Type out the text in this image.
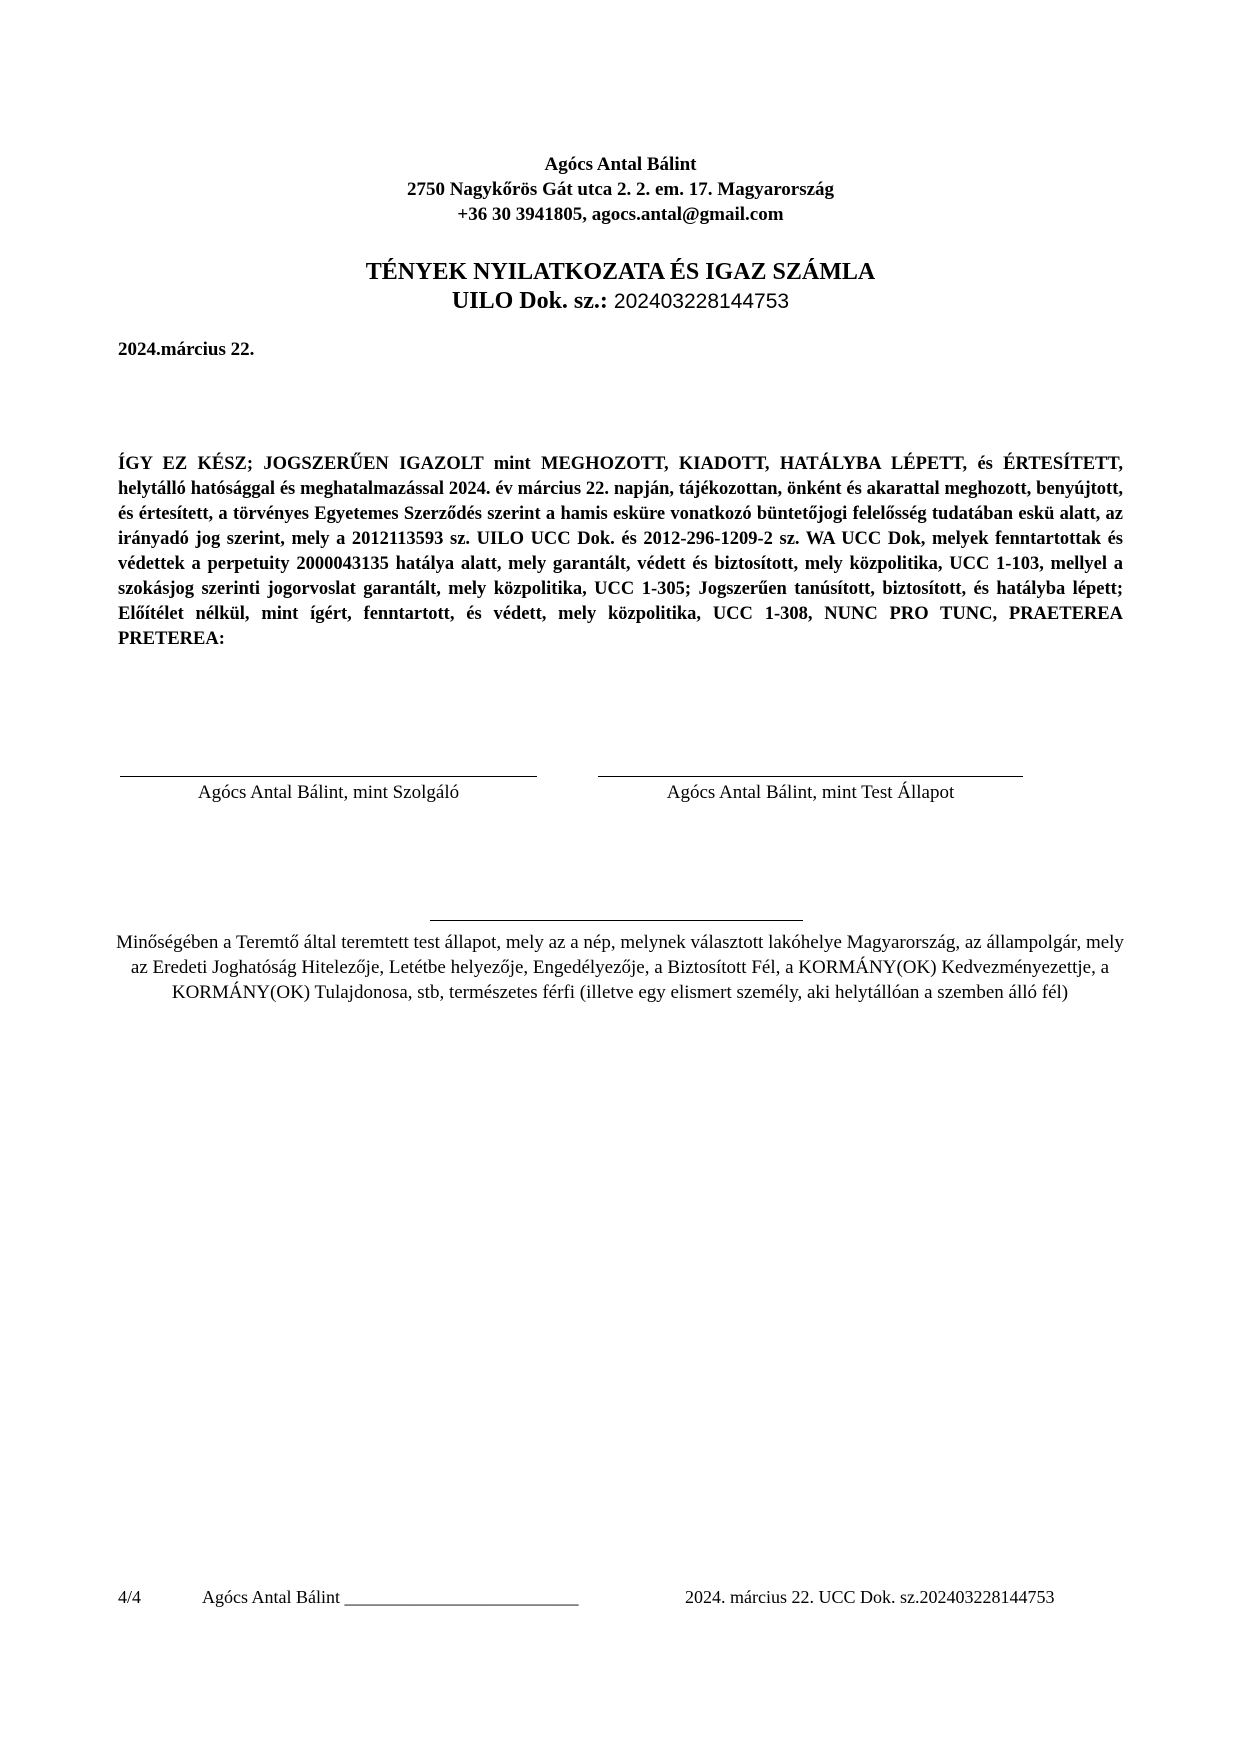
Agócs Antal Bálint
2750 Nagykőrös Gát utca 2. 2. em. 17. Magyarország
+36 30 3941805, agocs.antal@gmail.com
TÉNYEK NYILATKOZATA ÉS IGAZ SZÁMLA
UILO Dok. sz.: 202403228144753
2024.március 22.
ÍGY EZ KÉSZ; JOGSZERŰEN IGAZOLT mint MEGHOZOTT, KIADOTT, HATÁLYBA LÉPETT, és ÉRTESÍTETT, helytálló hatósággal és meghatalmazással 2024. év március 22. napján, tájékozottan, önként és akarattal meghozott, benyújtott, és értesített, a törvényes Egyetemes Szerződés szerint a hamis esküre vonatkozó büntetőjogi felelősség tudatában eskü alatt, az irányadó jog szerint, mely a 2012113593 sz. UILO UCC Dok. és 2012-296-1209-2 sz. WA UCC Dok, melyek fenntartottak és védettek a perpetuity 2000043135 hatálya alatt, mely garantált, védett és biztosított, mely közpolitika, UCC 1-103, mellyel a szokásjog szerinti jogorvoslat garantált, mely közpolitika, UCC 1-305; Jogszerűen tanúsított, biztosított, és hatályba lépett; Előítélet nélkül, mint ígért, fenntartott, és védett, mely közpolitika, UCC 1-308, NUNC PRO TUNC, PRAETEREA PRETEREA:
Agócs Antal Bálint, mint Szolgáló	Agócs Antal Bálint, mint Test Állapot
Minőségében a Teremtő által teremtett test állapot, mely az a nép, melynek választott lakóhelye Magyarország, az állampolgár, mely az Eredeti Joghatóság Hitelezője, Letétbe helyezője, Engedélyezője, a Biztosított Fél, a KORMÁNY(OK) Kedvezményezettje, a KORMÁNY(OK) Tulajdonosa, stb, természetes férfi (illetve egy elismert személy, aki helytállóan a szemben álló fél)
4/4	Agócs Antal Bálint __________________________	2024. március 22. UCC Dok. sz.202403228144753
